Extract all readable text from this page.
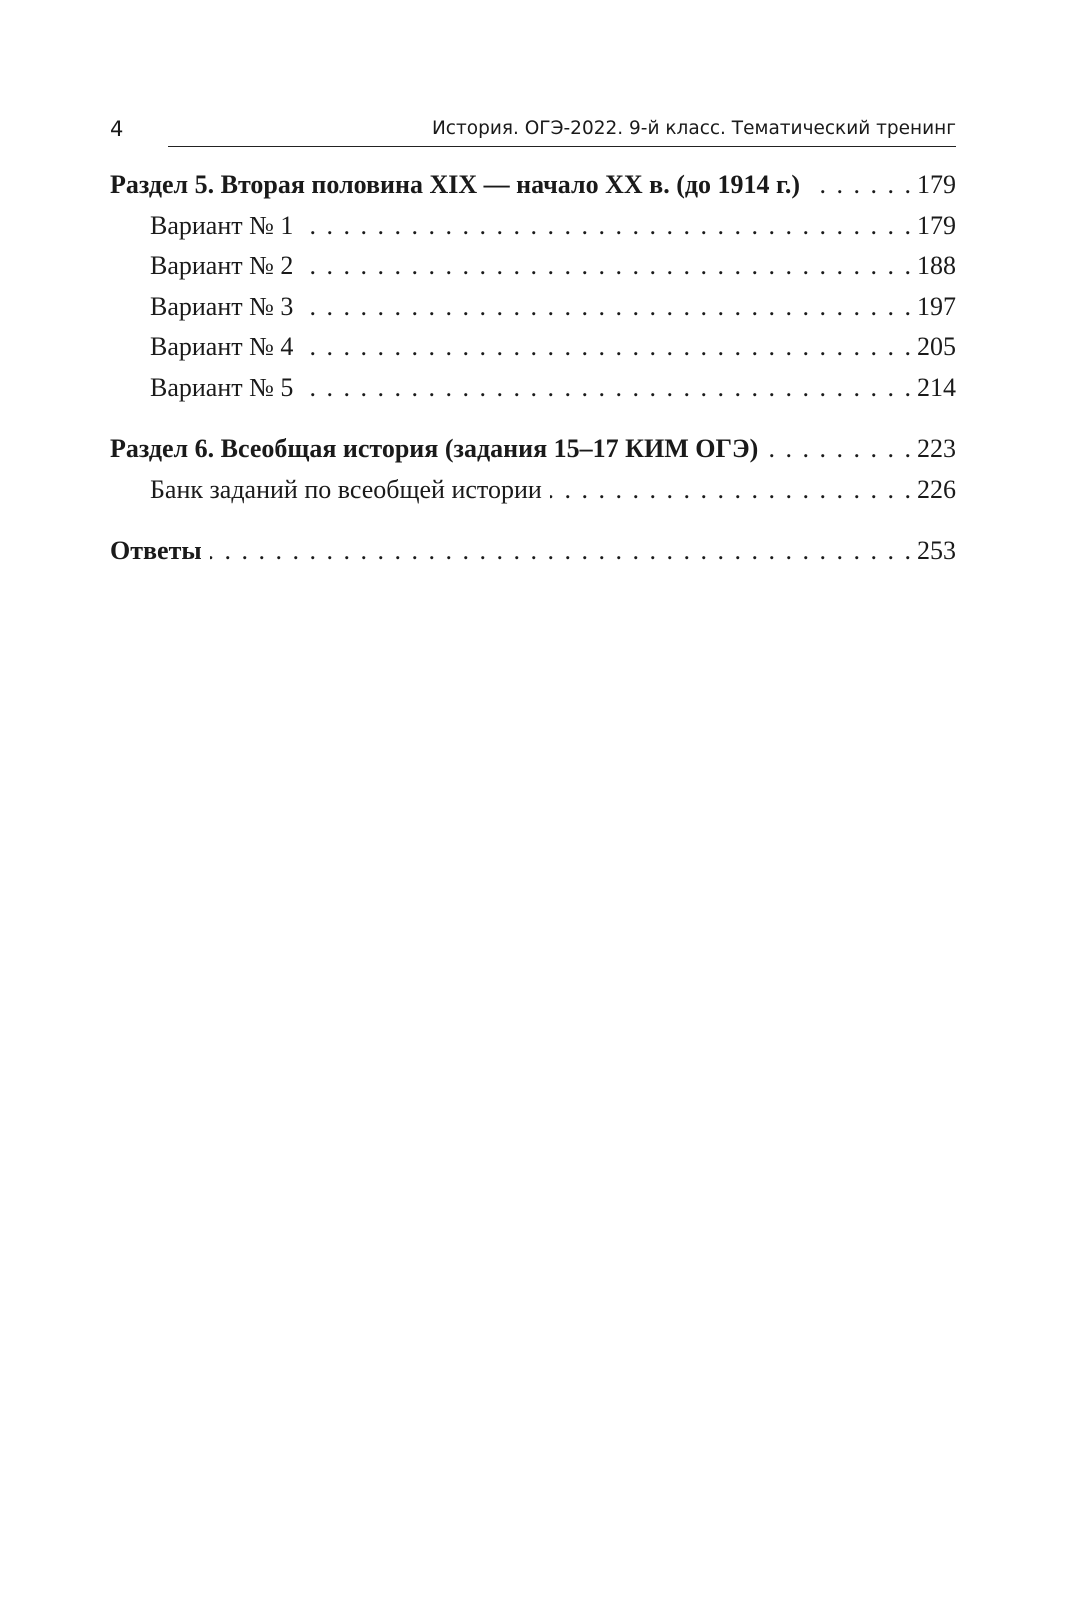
4	История. ОГЭ-2022. 9-й класс. Тематический тренинг
Раздел 5. Вторая половина XIX — начало XX в. (до 1914 г.) . . .	179
Вариант № 1 . . .	179
Вариант № 2 . . .	188
Вариант № 3 . . .	197
Вариант № 4 . . .	205
Вариант № 5 . . .	214
Раздел 6. Всеобщая история (задания 15–17 КИМ ОГЭ) . . .	223
Банк заданий по всеобщей истории . . .	226
Ответы . . .	253
